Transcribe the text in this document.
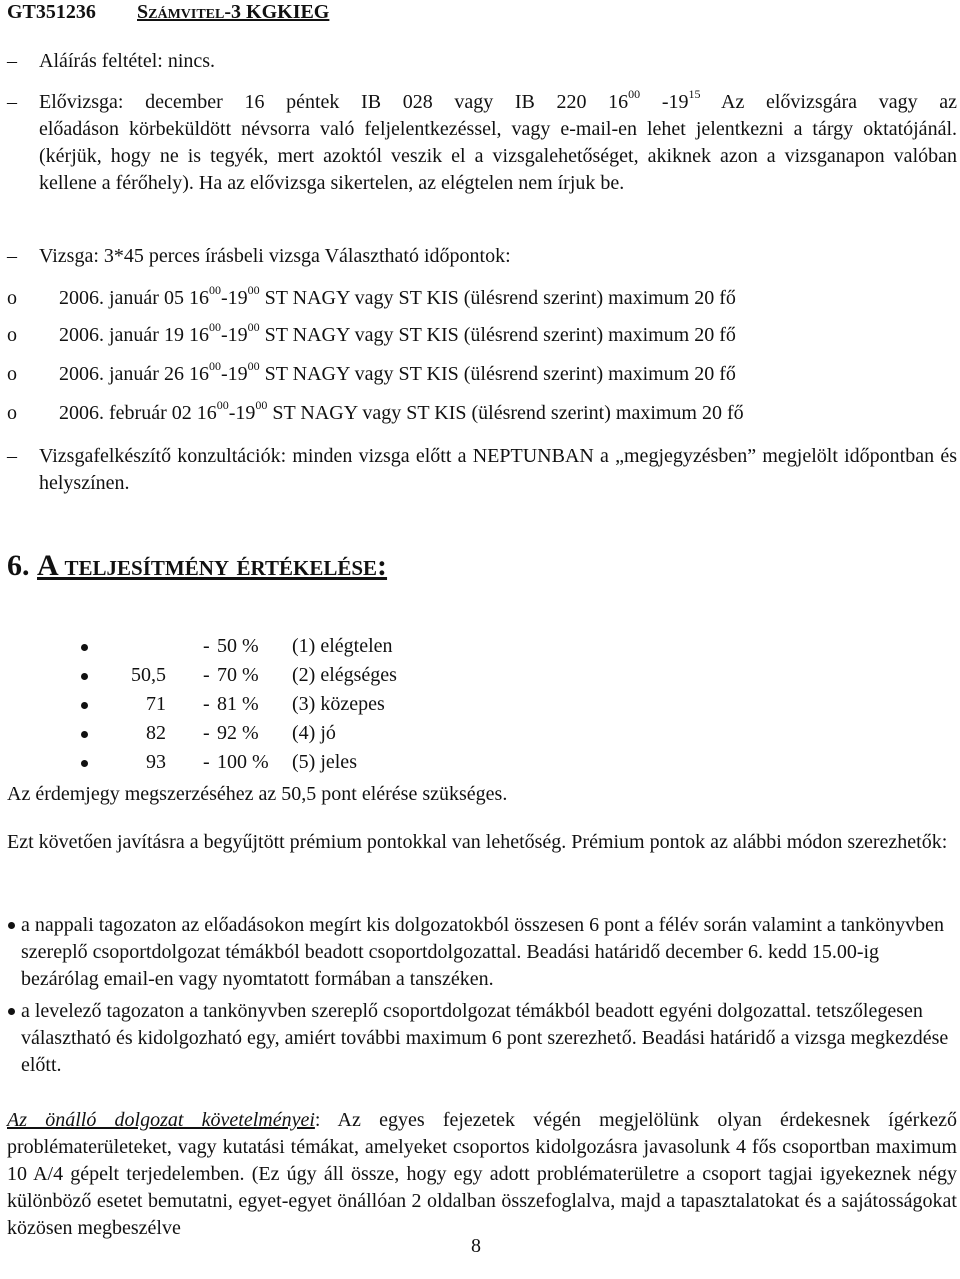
GT351236 Számvitel-3 KGKIEG
–	Aláírás feltétel: nincs.
–	Elővizsga: december 16 péntek IB 028 vagy IB 220 $16^{00}$ $-19^{15}$ Az elővizsgára vagy az
előadáson körbeküldött névsorra való feljelentkezéssel, vagy e-mail-en lehet jelentkezni a tárgy oktatójánál. (kérjük, hogy ne is tegyék, mert azoktól veszik el a vizsgalehetőséget, akiknek azon a vizsganapon valóban kellene a férőhely). Ha az elővizsga sikertelen, az elégtelen nem írjuk be.
–	Vizsga: 3*45 perces írásbeli vizsga Választható időpontok:
o 2006. január 05 $16^{00}-19^{00}$ ST NAGY vagy ST KIS (ülésrend szerint) maximum 20 fő
o 2006. január 19 $16^{00}-19^{00}$ ST NAGY vagy ST KIS (ülésrend szerint) maximum 20 fő
o 2006. január 26 $16^{00}-19^{00}$ ST NAGY vagy ST KIS (ülésrend szerint) maximum 20 fő
o 2006. február 02 $16^{00}-19^{00}$ ST NAGY vagy ST KIS (ülésrend szerint) maximum 20 fő
–	Vizsgafelkészítő konzultációk: minden vizsga előtt a NEPTUNBAN a „megjegyzésben” megjelölt időpontban és helyszínen.
6. A teljesítmény értékelése:
- 50 %	(1) elégtelen
50,5 - 70 %	(2) elégséges
71 - 81 %	(3) közepes
82 - 92 %	(4) jó
93 - 100 %	(5) jeles
Az érdemjegy megszerzéséhez az 50,5 pont elérése szükséges.
Ezt követően javításra a begyűjtött prémium pontokkal van lehetőség. Prémium pontok az alábbi módon szerezhetők:
a nappali tagozaton az előadásokon megírt kis dolgozatokból összesen 6 pont a félév során valamint a tankönyvben szereplő csoportdolgozat témákból beadott csoportdolgozattal. Beadási határidő december 6. kedd 15.00-ig bezárólag email-en vagy nyomtatott formában a tanszéken.
a levelező tagozaton a tankönyvben szereplő csoportdolgozat témákból beadott egyéni dolgozattal. tetszőlegesen választható és kidolgozható egy, amiért további maximum 6 pont szerezhető. Beadási határidő a vizsga megkezdése előtt.
Az önálló dolgozat követelményei: Az egyes fejezetek végén megjelölünk olyan érdekesnek ígérkező problématerületeket, vagy kutatási témákat, amelyeket csoportos kidolgozásra javasolunk 4 fős csoportban maximum 10 A/4 gépelt terjedelemben. (Ez úgy áll össze, hogy egy adott problématerületre a csoport tagjai igyekeznek négy különböző esetet bemutatni, egyet-egyet önállóan 2 oldalban összefoglalva, majd a tapasztalatokat és a sajátosságokat közösen megbeszélve
8
